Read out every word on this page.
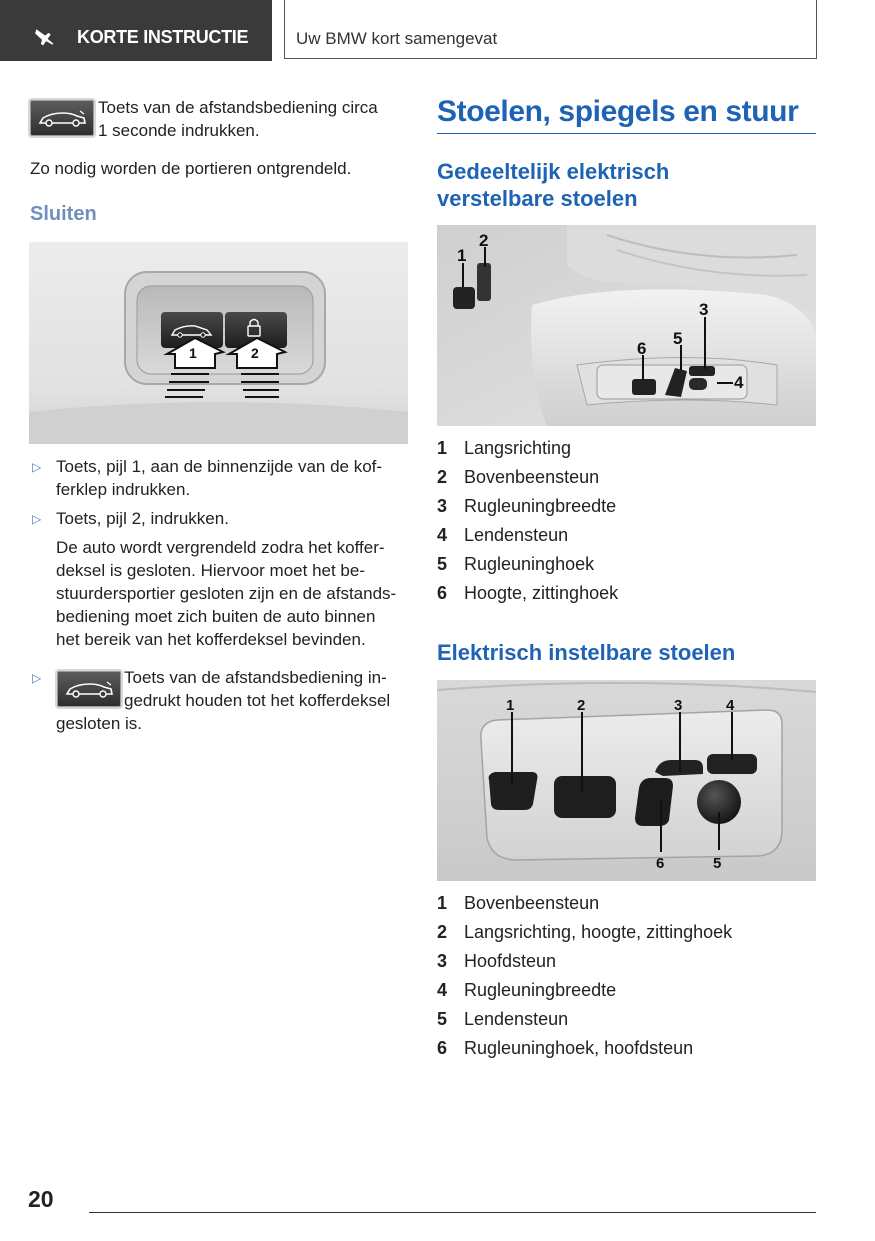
KORTE INSTRUCTIE	Uw BMW kort samengevat
Toets van de afstandsbediening circa
1 seconde indrukken.
Zo nodig worden de portieren ontgrendeld.
Sluiten
1	2
▷ Toets, pijl 1, aan de binnenzijde van de kof-
ferklep indrukken.
▷ Toets, pijl 2, indrukken.
De auto wordt vergrendeld zodra het koffer-
deksel is gesloten. Hiervoor moet het be-
stuurdersportier gesloten zijn en de afstands-
bediening moet zich buiten de auto binnen
het bereik van het kofferdeksel bevinden.
▷	Toets van de afstandsbediening in-
gedrukt houden tot het kofferdeksel
gesloten is.
Stoelen, spiegels en stuur
Gedeeltelijk elektrisch
verstelbare stoelen
1
2
3
4
5
6
1 Langsrichting
2 Bovenbeensteun
3 Rugleuningbreedte
4 Lendensteun
5 Rugleuninghoek
6 Hoogte, zittinghoek
Elektrisch instelbare stoelen
1	2	3	4
5
6
1 Bovenbeensteun
2 Langsrichting, hoogte, zittinghoek
3 Hoofdsteun
4 Rugleuningbreedte
5 Lendensteun
6 Rugleuninghoek, hoofdsteun
20
